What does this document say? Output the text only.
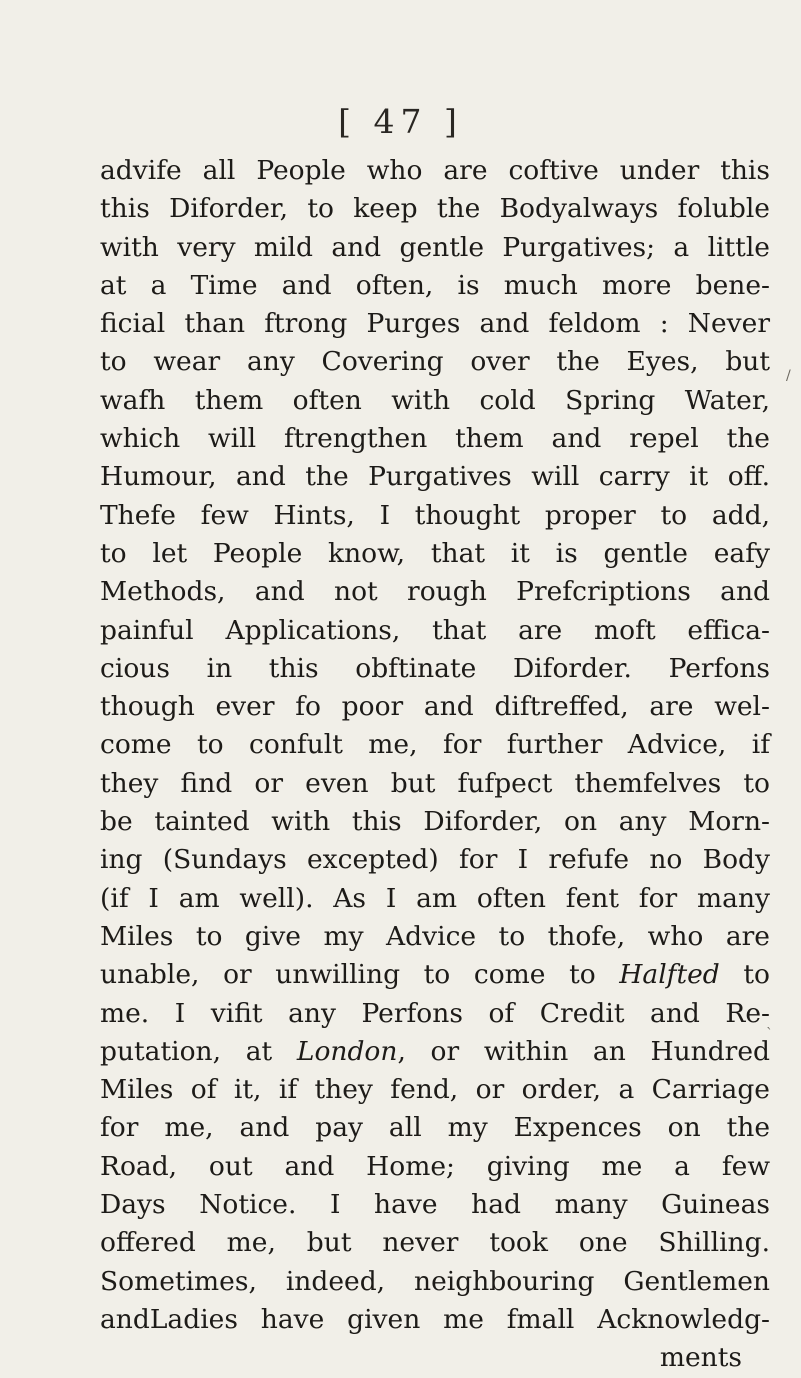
[ 47 ]
/
`
advife all People who are coftive under this
this Diforder, to keep the Bodyalways foluble
with very mild and gentle Purgatives; a little
at a Time and often, is much more bene-
ficial than ftrong Purges and feldom : Never
to wear any Covering over the Eyes, but
wafh them often with cold Spring Water,
which will ftrengthen them and repel the
Humour, and the Purgatives will carry it off.
Thefe few Hints, I thought proper to add,
to let People know, that it is gentle eafy
Methods, and not rough Prefcriptions and
painful Applications, that are moft effica-
cious in this obftinate Diforder. Perfons
though ever fo poor and diftreffed, are wel-
come to confult me, for further Advice, if
they find or even but fufpect themfelves to
be tainted with this Diforder, on any Morn-
ing (Sundays excepted) for I refufe no Body
(if I am well). As I am often fent for many
Miles to give my Advice to thofe, who are
unable, or unwilling to come to Halfted to
me. I vifit any Perfons of Credit and Re-
putation, at London, or within an Hundred
Miles of it, if they fend, or order, a Carriage
for me, and pay all my Expences on the
Road, out and Home; giving me a few
Days Notice. I have had many Guineas
offered me, but never took one Shilling.
Sometimes, indeed, neighbouring Gentlemen
andLadies have given me fmall Acknowledg-
ments
